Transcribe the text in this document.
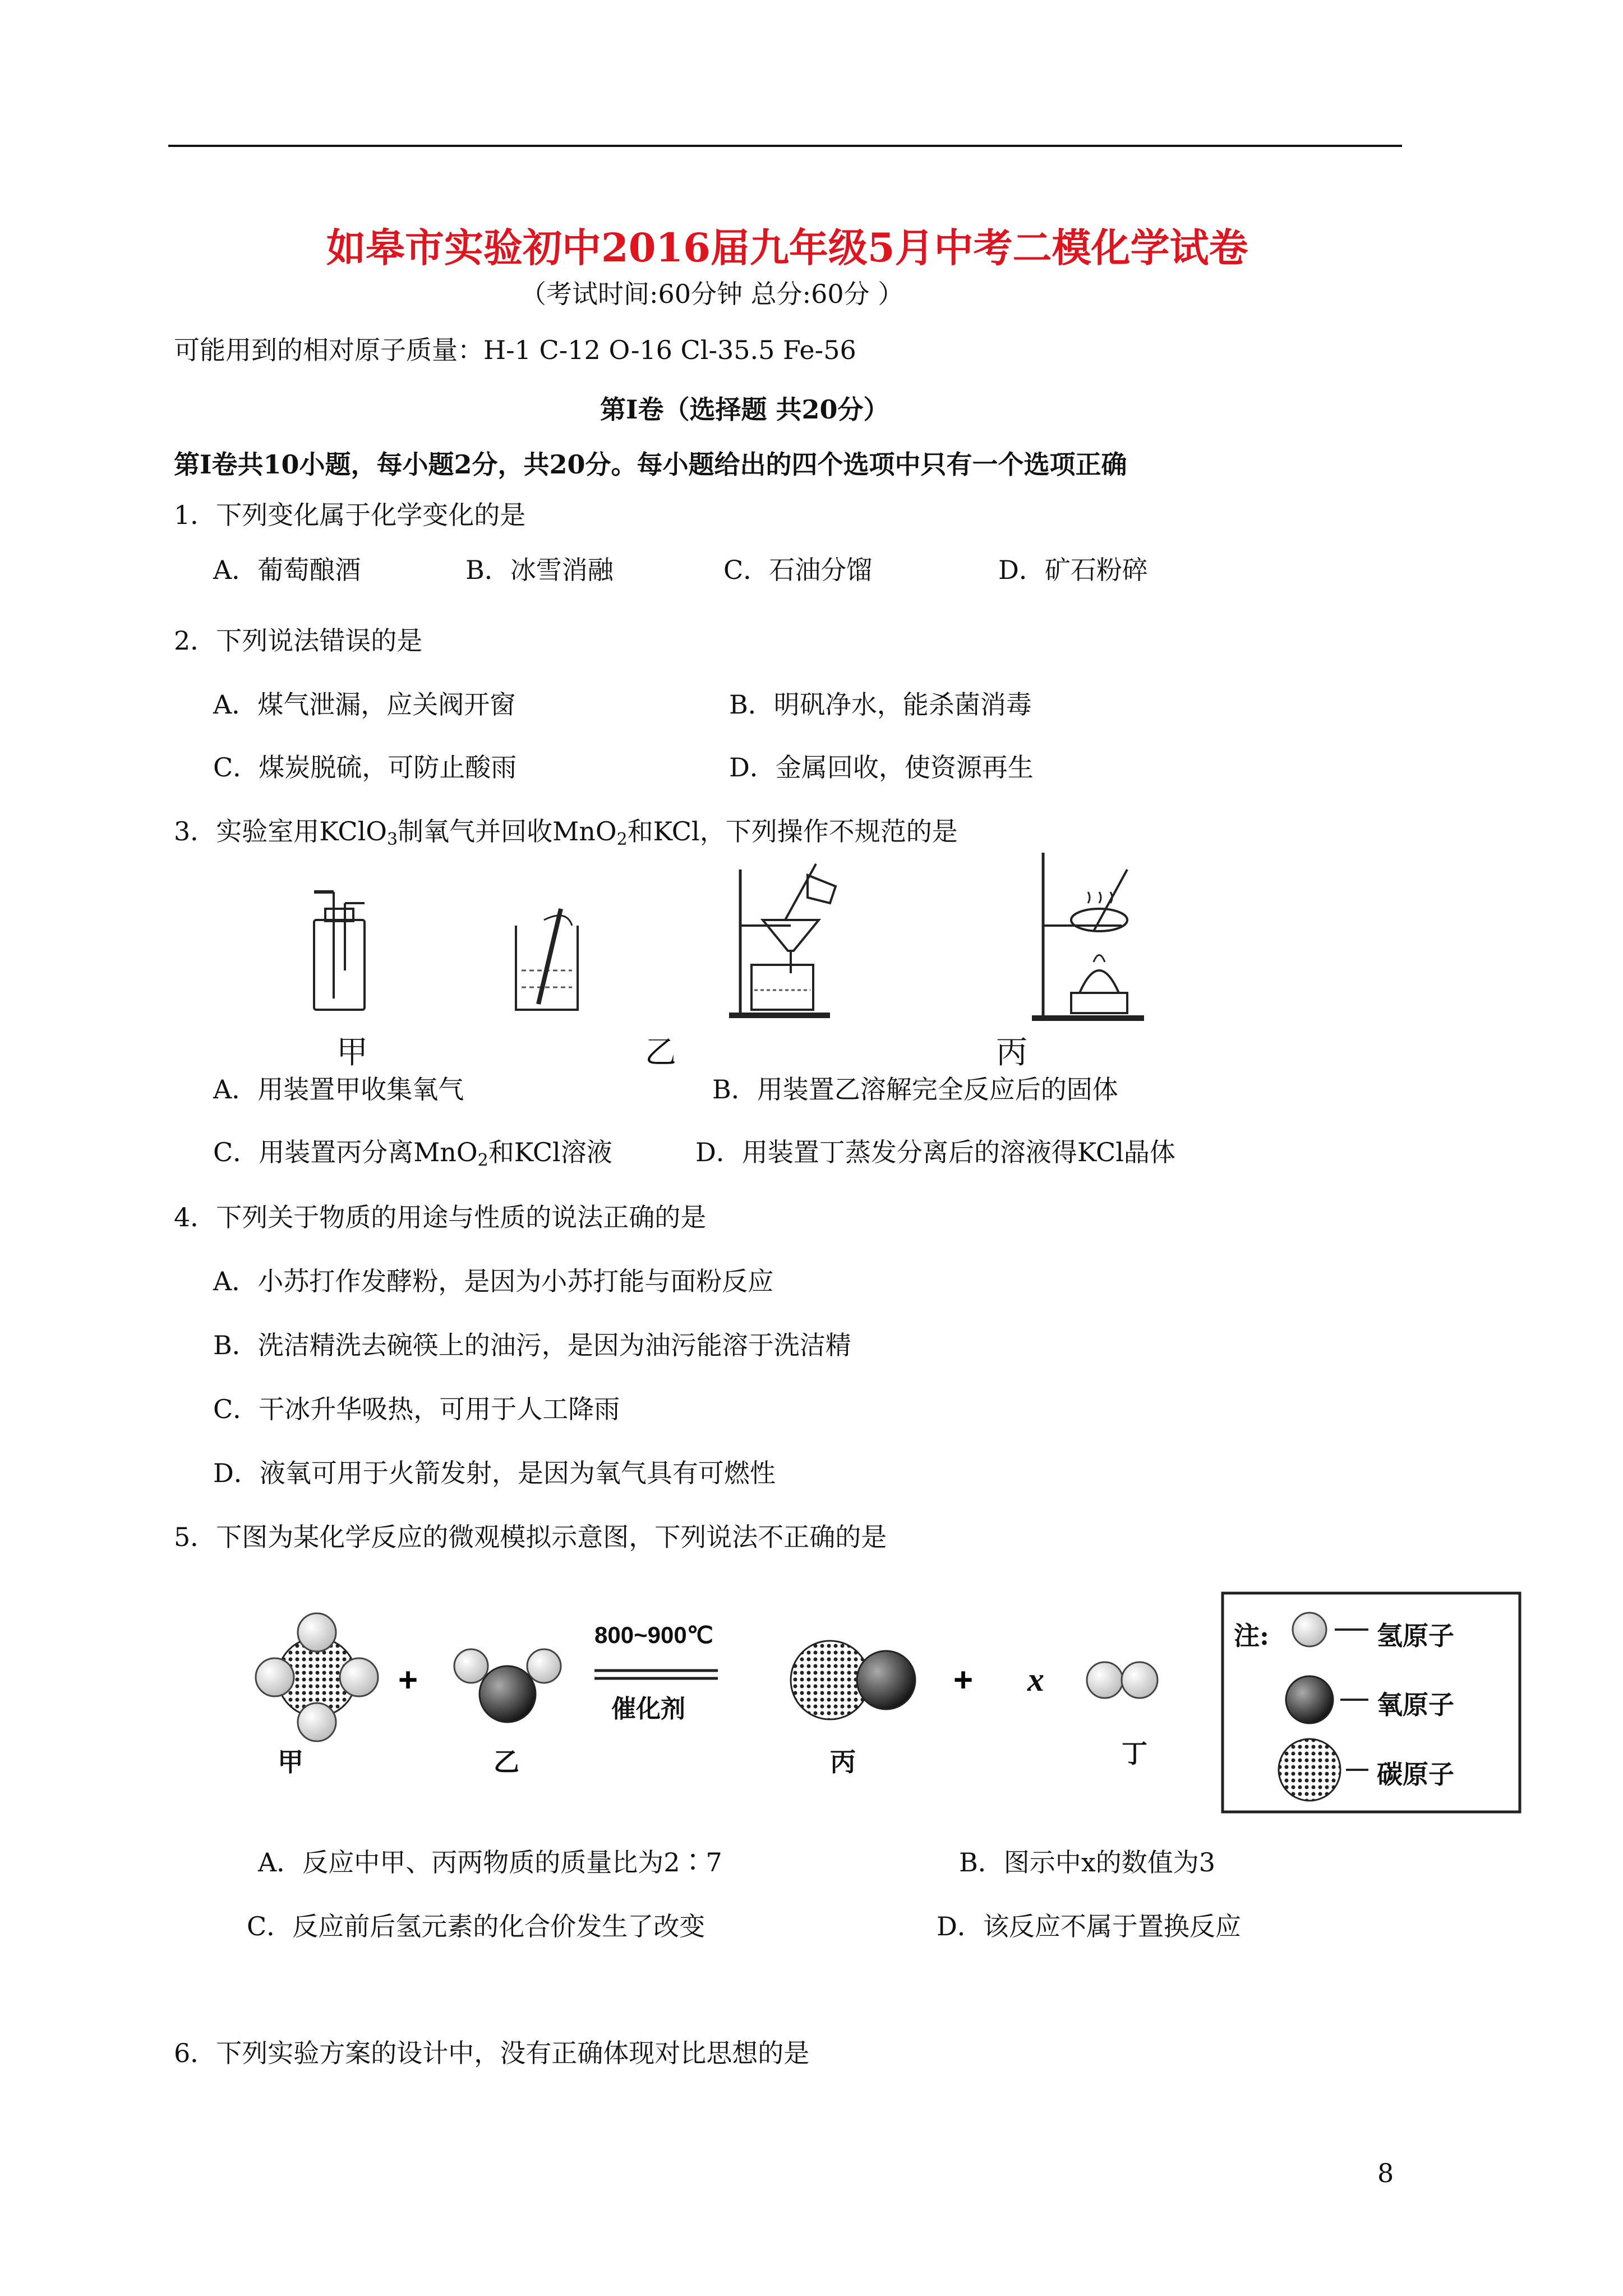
如皋市实验初中2016届九年级5月中考二模化学试卷
（考试时间:60分钟 总分:60分 ）
可能用到的相对原子质量：H-1 C-12 O-16 Cl-35.5 Fe-56
第Ⅰ卷（选择题 共20分）
第Ⅰ卷共10小题，每小题2分，共20分。每小题给出的四个选项中只有一个选项正确
1．下列变化属于化学变化的是
A．葡萄酿酒	B．冰雪消融	C．石油分馏	D．矿石粉碎
2．下列说法错误的是
A．煤气泄漏，应关阀开窗	B．明矾净水，能杀菌消毒
C．煤炭脱硫，可防止酸雨	D．金属回收，使资源再生
3．实验室用KClO$_3$制氧气并回收MnO$_2$和KCl，下列操作不规范的是
甲	乙	丙
A．用装置甲收集氧气	B．用装置乙溶解完全反应后的固体
C．用装置丙分离MnO$_2$和KCl溶液	D．用装置丁蒸发分离后的溶液得KCl晶体
4．下列关于物质的用途与性质的说法正确的是
A．小苏打作发酵粉，是因为小苏打能与面粉反应
B．洗洁精洗去碗筷上的油污，是因为油污能溶于洗洁精
C．干冰升华吸热，可用于人工降雨
D．液氧可用于火箭发射，是因为氧气具有可燃性
5．下图为某化学反应的微观模拟示意图，下列说法不正确的是
+	+
800~900℃
催化剂
x
甲	乙	丙	丁
注:	氢原子
氧原子
碳原子
A．反应中甲、丙两物质的质量比为2∶7	B．图示中x的数值为3
C．反应前后氢元素的化合价发生了改变	D．该反应不属于置换反应
6．下列实验方案的设计中，没有正确体现对比思想的是
8
